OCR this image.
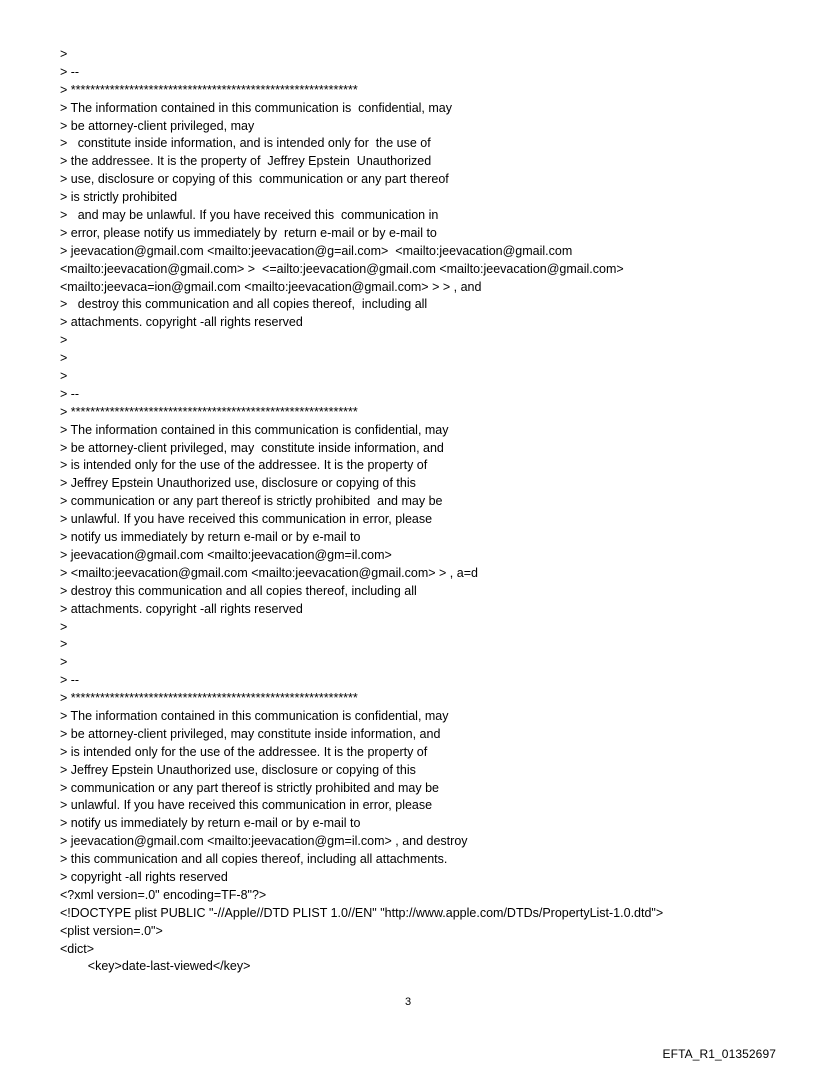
>
> --
> ***********************************************************
> The information contained in this communication is  confidential, may
> be attorney-client privileged, may
>   constitute inside information, and is intended only for  the use of
> the addressee. It is the property of  Jeffrey Epstein  Unauthorized
> use, disclosure or copying of this  communication or any part thereof
> is strictly prohibited
>   and may be unlawful. If you have received this  communication in
> error, please notify us immediately by  return e-mail or by e-mail to
> jeevacation@gmail.com <mailto:jeevacation@g=ail.com>  <mailto:jeevacation@gmail.com
<mailto:jeevacation@gmail.com> >  <=ailto:jeevacation@gmail.com <mailto:jeevacation@gmail.com>
<mailto:jeevaca=ion@gmail.com <mailto:jeevacation@gmail.com> > > , and
>   destroy this communication and all copies thereof,  including all
> attachments. copyright -all rights reserved
>
>
>
> --
> ***********************************************************
> The information contained in this communication is confidential, may
> be attorney-client privileged, may  constitute inside information, and
> is intended only for the use of the addressee. It is the property of
> Jeffrey Epstein Unauthorized use, disclosure or copying of this
> communication or any part thereof is strictly prohibited  and may be
> unlawful. If you have received this communication in error, please
> notify us immediately by return e-mail or by e-mail to
> jeevacation@gmail.com <mailto:jeevacation@gm=il.com>
> <mailto:jeevacation@gmail.com <mailto:jeevacation@gmail.com> > , a=d
> destroy this communication and all copies thereof, including all
> attachments. copyright -all rights reserved
>
>
>
> --
> ***********************************************************
> The information contained in this communication is confidential, may
> be attorney-client privileged, may constitute inside information, and
> is intended only for the use of the addressee. It is the property of
> Jeffrey Epstein Unauthorized use, disclosure or copying of this
> communication or any part thereof is strictly prohibited and may be
> unlawful. If you have received this communication in error, please
> notify us immediately by return e-mail or by e-mail to
> jeevacation@gmail.com <mailto:jeevacation@gm=il.com> , and destroy
> this communication and all copies thereof, including all attachments.
> copyright -all rights reserved
<?xml version=.0" encoding=TF-8"?>
<!DOCTYPE plist PUBLIC "-//Apple//DTD PLIST 1.0//EN" "http://www.apple.com/DTDs/PropertyList-1.0.dtd">
<plist version=.0">
<dict>
<key>date-last-viewed</key>
3
EFTA_R1_01352697
